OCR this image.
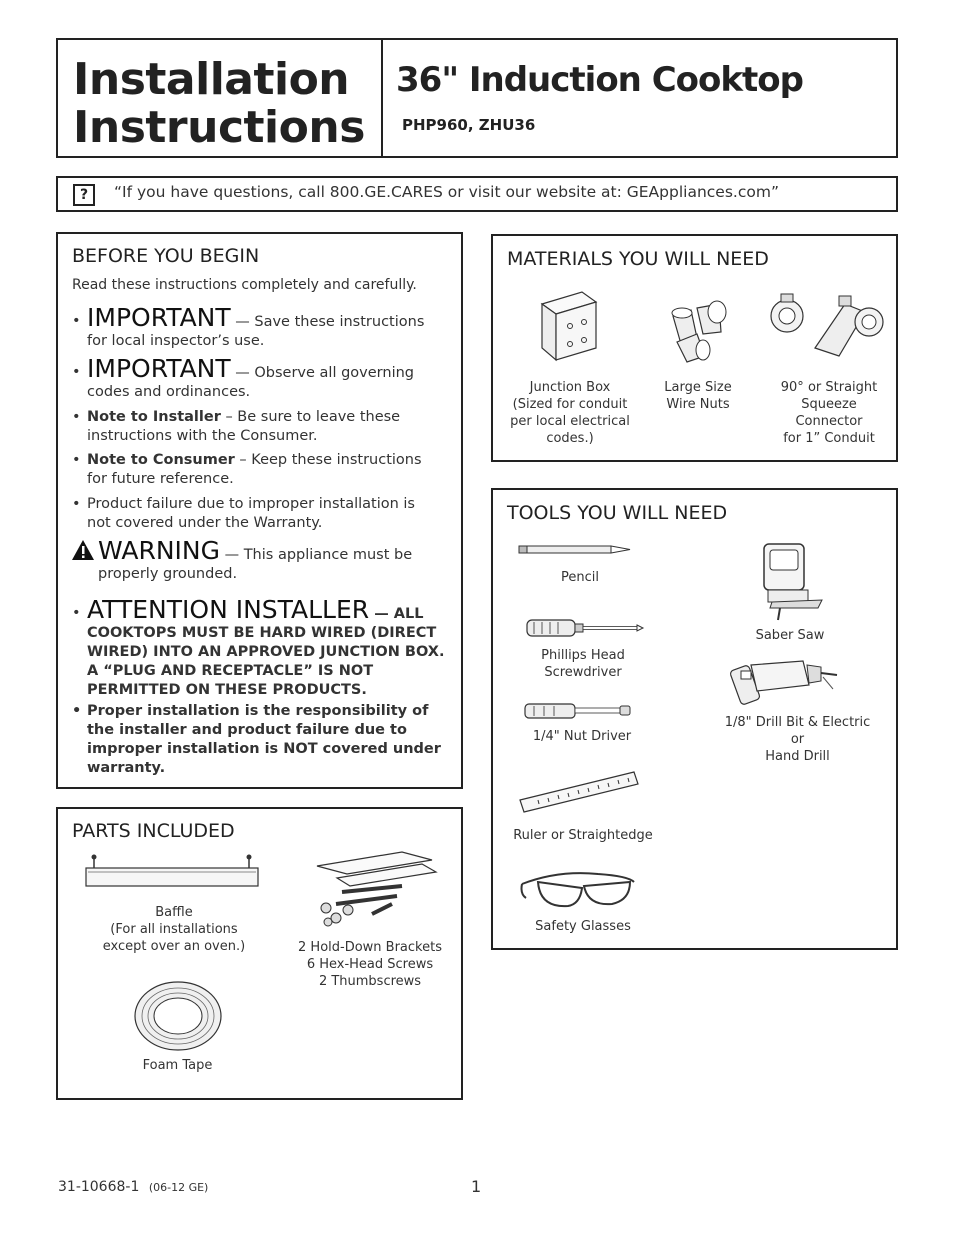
Installation
Instructions
36" Induction Cooktop
PHP960, ZHU36
?	“If you have questions, call 800.GE.CARES or visit our website at: GEAppliances.com”
BEFORE YOU BEGIN
Read these instructions completely and carefully.
• IMPORTANT — Save these instructions for local inspector’s use.
• IMPORTANT — Observe all governing codes and ordinances.
• Note to Installer – Be sure to leave these instructions with the Consumer.
• Note to Consumer – Keep these instructions for future reference.
• Product failure due to improper installation is not covered under the Warranty.
WARNING — This appliance must be properly grounded.
• ATTENTION INSTALLER — ALL COOKTOPS MUST BE HARD WIRED (DIRECT WIRED) INTO AN APPROVED JUNCTION BOX. A “PLUG AND RECEPTACLE” IS NOT PERMITTED ON THESE PRODUCTS.
• Proper installation is the responsibility of the installer and product failure due to improper installation is NOT covered under warranty.
PARTS INCLUDED
Baffle
(For all installations
except over an oven.)	2 Hold-Down Brackets
6 Hex-Head Screws
2 Thumbscrews
Foam Tape
MATERIALS YOU WILL NEED
Junction Box
(Sized for conduit
per local electrical
codes.)
Large Size
Wire Nuts
90° or Straight
Squeeze Connector
for 1” Conduit
TOOLS YOU WILL NEED
Pencil
Phillips Head
Screwdriver
1/4" Nut Driver
Ruler or Straightedge
Safety Glasses
Saber Saw
1/8" Drill Bit & Electric or
Hand Drill
31-10668-1 (06-12 GE)	1
